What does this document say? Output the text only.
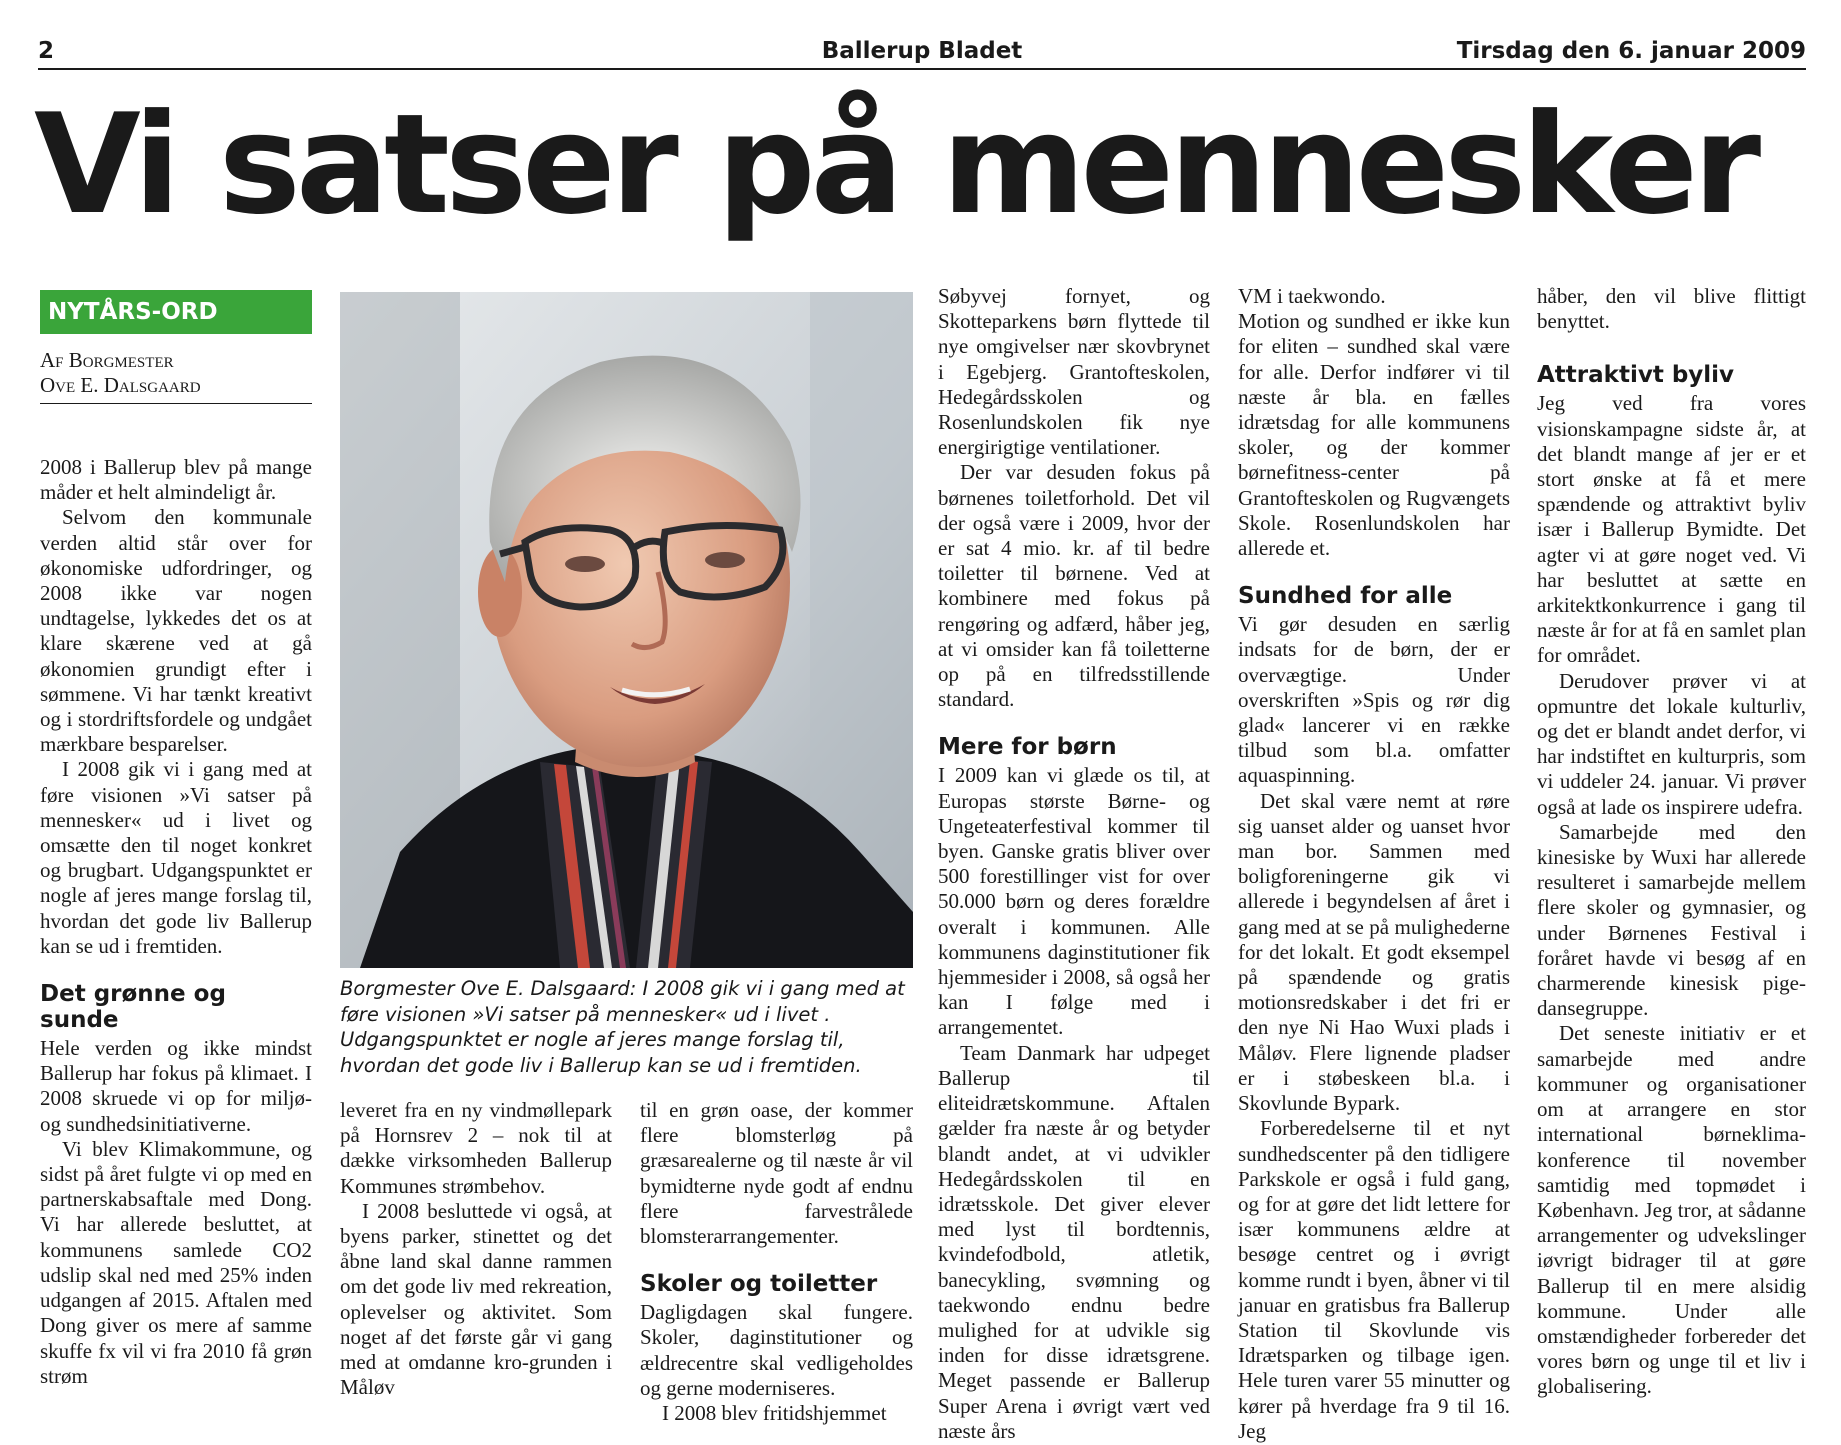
2	Ballerup Bladet	Tirsdag den 6. januar 2009
Vi satser på mennesker
NYTÅRS-ORD
Af Borgmester
Ove E. Dalsgaard

2008 i Ballerup blev på mange måder et helt almindeligt år.

Selvom den kommunale verden altid står over for økonomiske udfordringer, og 2008 ikke var nogen undtagelse, lykkedes det os at klare skærene ved at gå økonomien grundigt efter i sømmene. Vi har tænkt kreativt og i stordriftsfordele og undgået mærkbare besparelser.

I 2008 gik vi i gang med at føre visionen »Vi satser på mennesker« ud i livet og omsætte den til noget konkret og brugbart. Udgangspunktet er nogle af jeres mange forslag til, hvordan det gode liv Ballerup kan se ud i fremtiden.

Det grønne og sunde

Hele verden og ikke mindst Ballerup har fokus på klimaet. I 2008 skruede vi op for miljø- og sundhedsinitiativerne.

Vi blev Klimakommune, og sidst på året fulgte vi op med en partnerskabsaftale med Dong. Vi har allerede besluttet, at kommunens samlede CO2 udslip skal ned med 25% inden udgangen af 2015. Aftalen med Dong giver os mere af samme skuffe fx vil vi fra 2010 få grøn strøm

Borgmester Ove E. Dalsgaard: I 2008 gik vi i gang med at føre visionen »Vi satser på mennesker« ud i livet . Udgangspunktet er nogle af jeres mange forslag til, hvordan det gode liv i Ballerup kan se ud i fremtiden.

leveret fra en ny vindmøllepark på Hornsrev 2 – nok til at dække virksomheden Ballerup Kommunes strømbehov.

I 2008 besluttede vi også, at byens parker, stinettet og det åbne land skal danne rammen om det gode liv med rekreation, oplevelser og aktivitet. Som noget af det første går vi gang med at omdanne kro-grunden i Måløv

til en grøn oase, der kommer flere blomsterløg på græsarealerne og til næste år vil bymidterne nyde godt af endnu flere farvestrålede blomsterarrangementer.

Skoler og toiletter

Dagligdagen skal fungere. Skoler, daginstitutioner og ældrecentre skal vedligeholdes og gerne moderniseres.

I 2008 blev fritidshjemmet

Søbyvej fornyet, og Skotteparkens børn flyttede til nye omgivelser nær skovbrynet i Egebjerg. Grantofteskolen, Hedegårdsskolen og Rosenlundskolen fik nye energirigtige ventilationer.

Der var desuden fokus på børnenes toiletforhold. Det vil der også være i 2009, hvor der er sat 4 mio. kr. af til bedre toiletter til børnene. Ved at kombinere med fokus på rengøring og adfærd, håber jeg, at vi omsider kan få toiletterne op på en tilfredsstillende standard.

Mere for børn

I 2009 kan vi glæde os til, at Europas største Børne- og Ungeteaterfestival kommer til byen. Ganske gratis bliver over 500 forestillinger vist for over 50.000 børn og deres forældre overalt i kommunen. Alle kommunens daginstitutioner fik hjemmesider i 2008, så også her kan I følge med i arrangementet.

Team Danmark har udpeget Ballerup til eliteidrætskommune. Aftalen gælder fra næste år og betyder blandt andet, at vi udvikler Hedegårdsskolen til en idrætsskole. Det giver elever med lyst til bordtennis, kvindefodbold, atletik, banecykling, svømning og taekwondo endnu bedre mulighed for at udvikle sig inden for disse idrætsgrene. Meget passende er Ballerup Super Arena i øvrigt vært ved næste års

VM i taekwondo.

Motion og sundhed er ikke kun for eliten – sundhed skal være for alle. Derfor indfører vi til næste år bla. en fælles idrætsdag for alle kommunens skoler, og der kommer børnefitness-center på Grantofteskolen og Rugvængets Skole. Rosenlundskolen har allerede et.

Sundhed for alle

Vi gør desuden en særlig indsats for de børn, der er overvægtige. Under overskriften »Spis og rør dig glad« lancerer vi en række tilbud som bl.a. omfatter aquaspinning.

Det skal være nemt at røre sig uanset alder og uanset hvor man bor. Sammen med boligforeningerne gik vi allerede i begyndelsen af året i gang med at se på mulighederne for det lokalt. Et godt eksempel på spændende og gratis motionsredskaber i det fri er den nye Ni Hao Wuxi plads i Måløv. Flere lignende pladser er i støbeskeen bl.a. i Skovlunde Bypark.

Forberedelserne til et nyt sundhedscenter på den tidligere Parkskole er også i fuld gang, og for at gøre det lidt lettere for især kommunens ældre at besøge centret og i øvrigt komme rundt i byen, åbner vi til januar en gratisbus fra Ballerup Station til Skovlunde vis Idrætsparken og tilbage igen. Hele turen varer 55 minutter og kører på hverdage fra 9 til 16. Jeg

håber, den vil blive flittigt benyttet.

Attraktivt byliv

Jeg ved fra vores visionskampagne sidste år, at det blandt mange af jer er et stort ønske at få et mere spændende og attraktivt byliv især i Ballerup Bymidte. Det agter vi at gøre noget ved. Vi har besluttet at sætte en arkitektkonkurrence i gang til næste år for at få en samlet plan for området.

Derudover prøver vi at opmuntre det lokale kulturliv, og det er blandt andet derfor, vi har indstiftet en kulturpris, som vi uddeler 24. januar. Vi prøver også at lade os inspirere udefra.

Samarbejde med den kinesiske by Wuxi har allerede resulteret i samarbejde mellem flere skoler og gymnasier, og under Børnenes Festival i foråret havde vi besøg af en charmerende kinesisk pige-dansegruppe.

Det seneste initiativ er et samarbejde med andre kommuner og organisationer om at arrangere en stor international børneklima- konference til november samtidig med topmødet i København. Jeg tror, at sådanne arrangementer og udvekslinger iøvrigt bidrager til at gøre Ballerup til en mere alsidig kommune. Under alle omstændigheder forbereder det vores børn og unge til et liv i globalisering.
